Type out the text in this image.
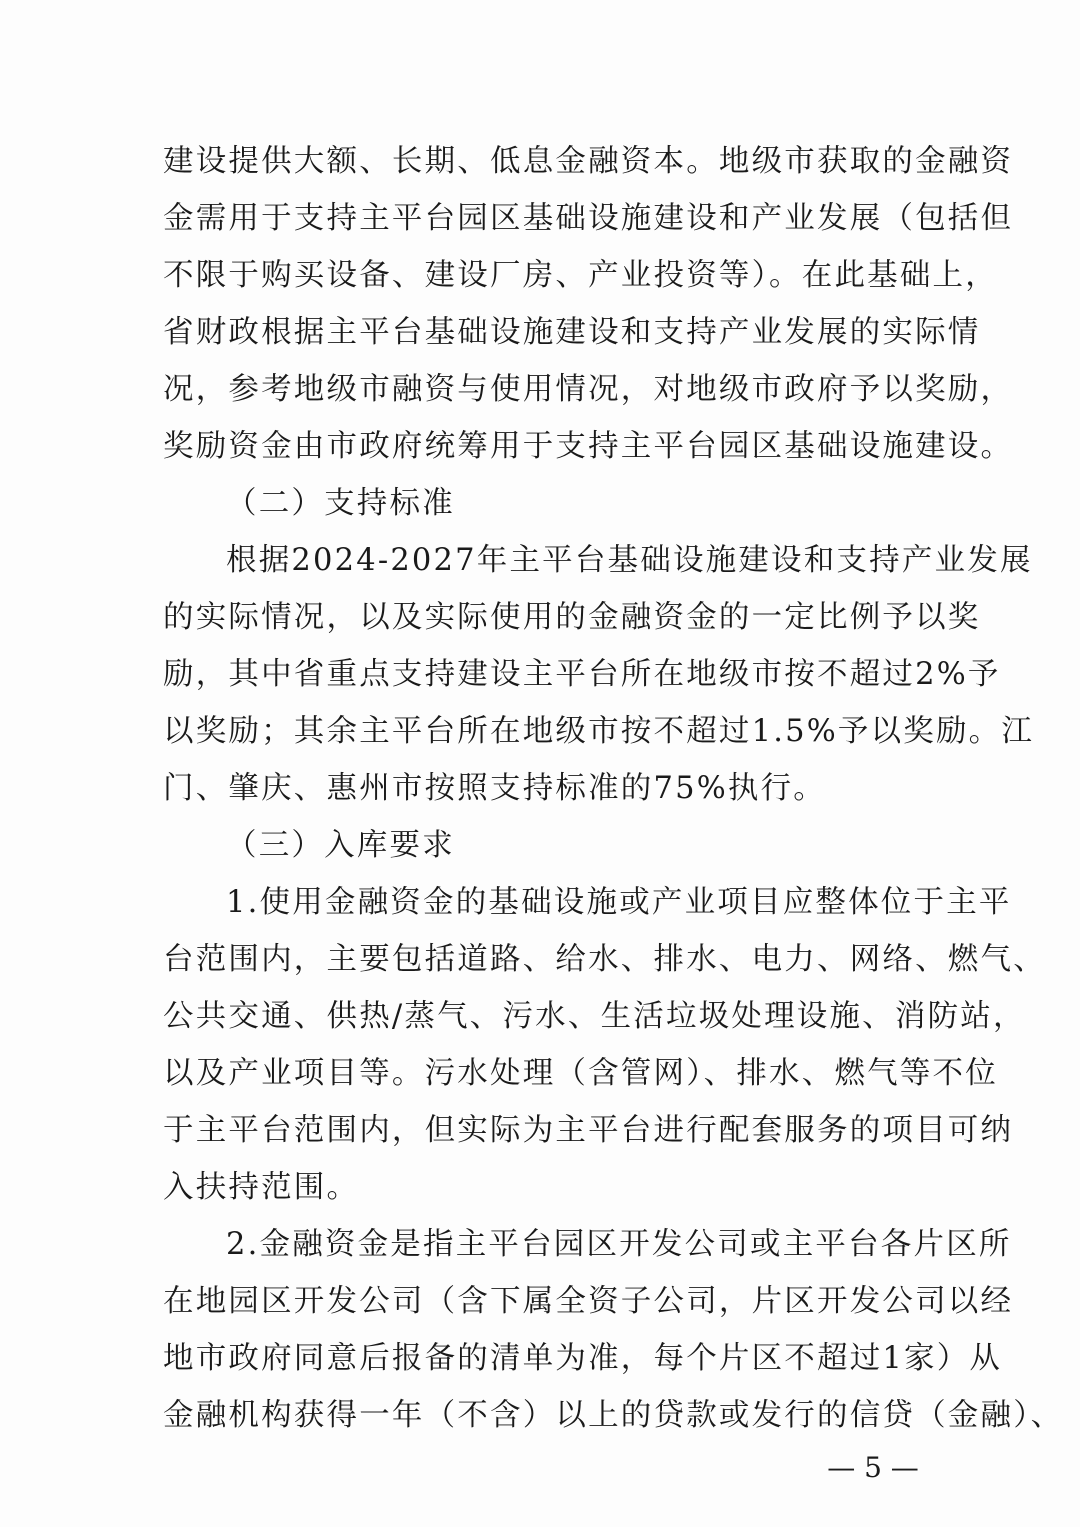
建设提供大额、长期、低息金融资本。地级市获取的金融资
金需用于支持主平台园区基础设施建设和产业发展（包括但
不限于购买设备、建设厂房、产业投资等）。在此基础上，
省财政根据主平台基础设施建设和支持产业发展的实际情
况，参考地级市融资与使用情况，对地级市政府予以奖励，
奖励资金由市政府统筹用于支持主平台园区基础设施建设。
（二）支持标准
根据2024-2027年主平台基础设施建设和支持产业发展
的实际情况，以及实际使用的金融资金的一定比例予以奖
励，其中省重点支持建设主平台所在地级市按不超过2%予
以奖励；其余主平台所在地级市按不超过1.5%予以奖励。江
门、肇庆、惠州市按照支持标准的75%执行。
（三）入库要求
1.使用金融资金的基础设施或产业项目应整体位于主平
台范围内，主要包括道路、给水、排水、电力、网络、燃气、
公共交通、供热/蒸气、污水、生活垃圾处理设施、消防站，
以及产业项目等。污水处理（含管网）、排水、燃气等不位
于主平台范围内，但实际为主平台进行配套服务的项目可纳
入扶持范围。
2.金融资金是指主平台园区开发公司或主平台各片区所
在地园区开发公司（含下属全资子公司，片区开发公司以经
地市政府同意后报备的清单为准，每个片区不超过1家）从
金融机构获得一年（不含）以上的贷款或发行的信贷（金融）、
— 5 —
